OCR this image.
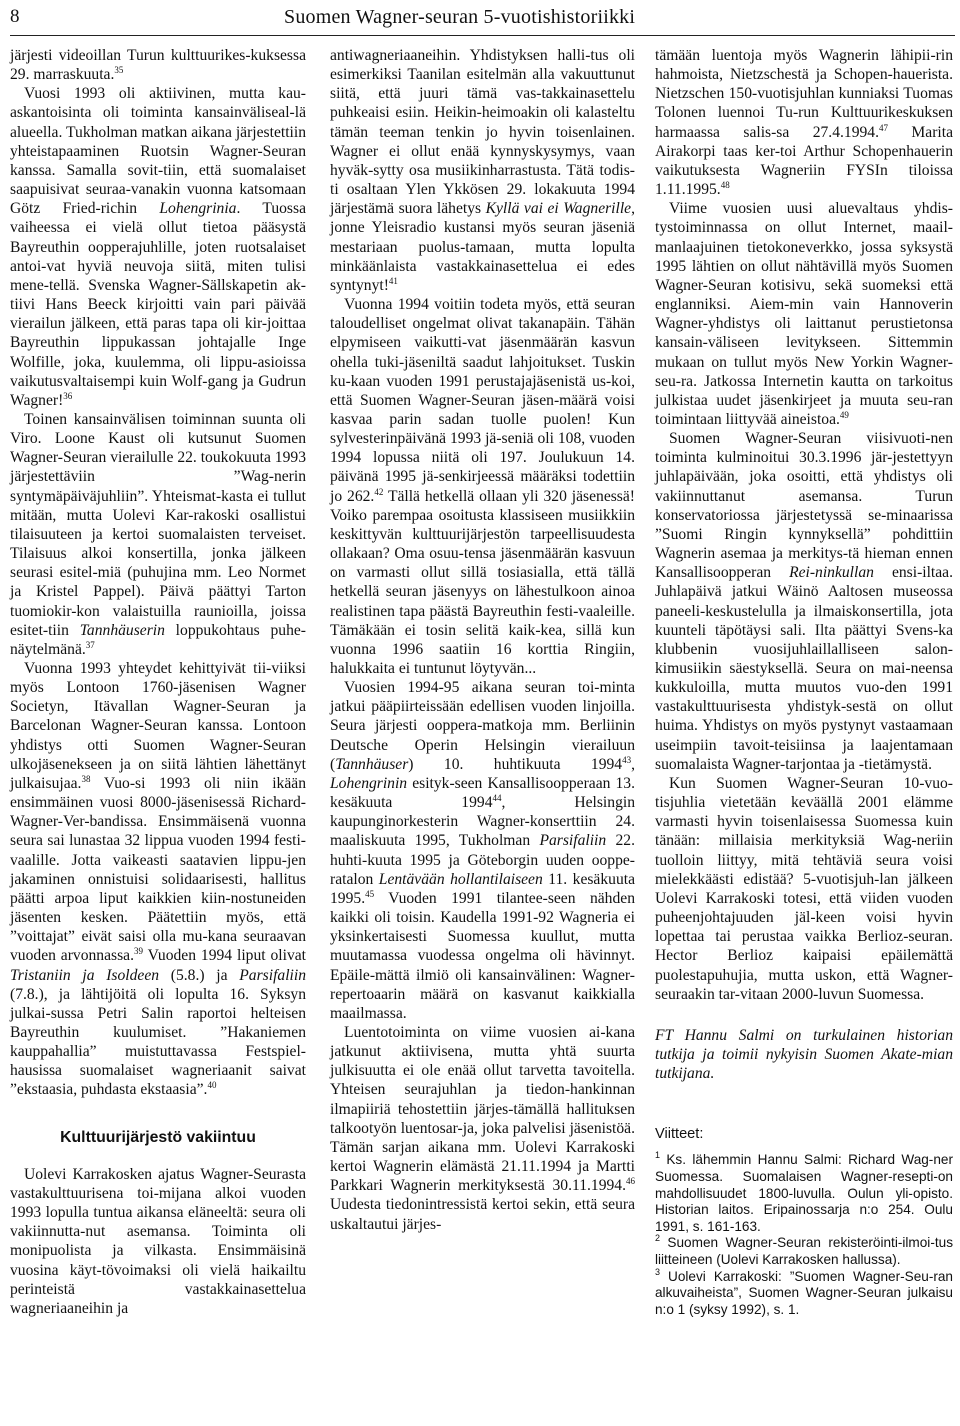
8	Suomen Wagner-seuran 5-vuotishistoriikki

järjesti videoillan Turun kulttuurikes-kuksessa 29. marraskuuta.$^{35}$

Vuosi 1993 oli aktiivinen, mutta kau-askantoisinta oli toiminta kansainväliseal-lä alueella. Tukholman matkan aikana järjestettiin yhteistapaaminen Ruotsin Wagner-Seuran kanssa. Samalla sovit-tiin, että suomalaiset saapuisivat seuraa-vanakin vuonna katsomaan Götz Fried-richin Lohengrinia. Tuossa vaiheessa ei vielä ollut tietoa pääsystä Bayreuthin oopperajuhlille, joten ruotsalaiset antoi-vat hyviä neuvoja siitä, miten tulisi mene-tellä. Svenska Wagner-Sällskapetin ak-tiivi Hans Beeck kirjoitti vain pari päivää vierailun jälkeen, että paras tapa oli kir-joittaa Bayreuthin lippukassan johtajalle Inge Wolfille, joka, kuulemma, oli lippu-asioissa vaikutusvaltaisempi kuin Wolf-gang ja Gudrun Wagner!$^{36}$

Toinen kansainvälisen toiminnan suunta oli Viro. Loone Kaust oli kutsunut Suomen Wagner-Seuran vierailulle 22. toukokuuta 1993 järjestettäviin ”Wag-nerin syntymäpäiväjuhliin”. Yhteismat-kasta ei tullut mitään, mutta Uolevi Kar-rakoski osallistui tilaisuuteen ja kertoi suomalaisten terveiset. Tilaisuus alkoi konsertilla, jonka jälkeen seurasi esitel-miä (puhujina mm. Leo Normet ja Kristel Pappel). Päivä päättyi Tarton tuomiokir-kon valaistuilla raunioilla, joissa esitet-tiin Tannhäuserin loppukohtaus puhe-näytelmänä.$^{37}$

Vuonna 1993 yhteydet kehittyivät tii-viiksi myös Lontoon 1760-jäsenisen Wagner Societyn, Itävallan Wagner-Seuran ja Barcelonan Wagner-Seuran kanssa. Lontoon yhdistys otti Suomen Wagner-Seuran ulkojäsenekseen ja on siitä lähtien lähettänyt julkaisujaa.$^{38}$ Vuo-si 1993 oli niin ikään ensimmäinen vuosi 8000-jäsenisessä Richard-Wagner-Ver-bandissa. Ensimmäisenä vuonna seura sai lunastaa 32 lippua vuoden 1994 festi-vaalille. Jotta vaikeasti saatavien lippu-jen jakaminen onnistuisi solidaarisesti, hallitus päätti arpoa liput kaikkien kiin-nostuneiden jäsenten kesken. Päätettiin myös, että ”voittajat” eivät saisi olla mu-kana seuraavan vuoden arvonnassa.$^{39}$ Vuoden 1994 liput olivat Tristaniin ja Isoldeen (5.8.) ja Parsifaliin (7.8.), ja lähtijöitä oli lopulta 16. Syksyn julkai-sussa Petri Salin raportoi helteisen Bayreuthin kuulumiset. ”Hakaniemen kauppahallia” muistuttavassa Festspiel-hausissa suomalaiset wagneriaanit saivat ”ekstaasia, puhdasta ekstaasia”.$^{40}$

Kulttuurijärjestö vakiintuu

Uolevi Karrakosken ajatus Wagner-Seurasta vastakulttuurisena toi-mijana alkoi vuoden 1993 lopulla tuntua aikansa eläneeltä: seura oli vakiinnutta-nut asemansa. Toiminta oli monipuolista ja vilkasta. Ensimmäisinä vuosina käyt-tövoimaksi oli vielä haikailtu perinteistä vastakkainasettelua wagneriaaneihin ja

antiwagneriaaneihin. Yhdistyksen halli-tus oli esimerkiksi Taanilan esitelmän alla vakuuttunut siitä, että juuri tämä vas-takkainasettelu puhkeaisi esiin. Heikin-heimoakin oli kalasteltu tämän teeman tenkin jo hyvin toisenlainen. Wagner ei ollut enää kynnyskysymys, vaan hyväk-sytty osa musiikinharrastusta. Tätä todis-ti osaltaan Ylen Ykkösen 29. lokakuuta 1994 järjestämä suora lähetys Kyllä vai ei Wagnerille, jonne Yleisradio kustansi myös seuran jäseniä mestariaan puolus-tamaan, mutta lopulta minkäänlaista vastakkainasettelua ei edes syntynyt!$^{41}$

Vuonna 1994 voitiin todeta myös, että seuran taloudelliset ongelmat olivat takanapäin. Tähän elpymiseen vaikutti-vat jäsenmäärän kasvun ohella tuki-jäseniltä saadut lahjoitukset. Tuskin ku-kaan vuoden 1991 perustajajäsenistä us-koi, että Suomen Wagner-Seuran jäsen-määrä voisi kasvaa parin sadan tuolle puolen! Kun sylvesterinpäivänä 1993 jä-seniä oli 108, vuoden 1994 lopussa niitä oli 197. Joulukuun 14. päivänä 1995 jä-senkirjeessä määräksi todettiin jo 262.42 Tällä hetkellä ollaan yli 320 jäsenessä! Voiko parempaa osoitusta klassiseen musiikkiin keskittyvän kulttuurijärjestön tarpeellisuudesta ollakaan? Oma osuu-tensa jäsenmäärän kasvuun on varmasti ollut sillä tosiasialla, että tällä hetkellä seuran jäsenyys on lähestulkoon ainoa realistinen tapa päästä Bayreuthin festi-vaaleille. Tämäkään ei tosin selitä kaik-kea, sillä kun vuonna 1996 saatiin 16 korttia Ringiin, halukkaita ei tuntunut löytyvän...

Vuosien 1994-95 aikana seuran toi-minta jatkui pääpiirteissään edellisen vuoden linjoilla. Seura järjesti ooppera-matkoja mm. Berliinin Deutsche Operin Helsingin vierailuun (Tannhäuser) 10. huhtikuuta 1994$^{43}$, Lohengrinin esityk-seen Kansallisoopperaan 13. kesäkuuta 1994$^{44}$, Helsingin kaupunginorkesterin Wagner-konserttiin 24. maaliskuuta 1995, Tukholman Parsifaliin 22. huhti-kuuta 1995 ja Göteborgin uuden ooppe-ratalon Lentävään hollantilaiseen 11. kesäkuuta 1995.45 Vuoden 1991 tilantee-seen nähden kaikki oli toisin. Kaudella 1991-92 Wagneria ei yksinkertaisesti Suomessa kuullut, mutta muutamassa vuodessa ongelma oli hävinnyt. Epäile-mättä ilmiö oli kansainvälinen: Wagner-repertoaarin määrä on kasvanut kaikkialla maailmassa.

Luentotoiminta on viime vuosien ai-kana jatkunut aktiivisena, mutta yhtä suurta julkisuutta ei ole enää ollut tarvetta tavoitella. Yhteisen seurajuhlan ja tiedon-hankinnan ilmapiiriä tehostettiin järjes-tämällä hallituksen talkootyön luentosar-ja, joka palvelisi jäsenistöä. Tämän sarjan aikana mm. Uolevi Karrakoski kertoi Wagnerin elämästä 21.11.1994 ja Martti Parkkari Wagnerin merkityksestä 30.11.1994.46 Uudesta tiedonintressistä kertoi sekin, että seura uskaltautui järjes-

tämään luentoja myös Wagnerin lähipii-rin hahmoista, Nietzschestä ja Schopen-hauerista. Nietzschen 150-vuotisjuhlan kunniaksi Tuomas Tolonen luennoi Tu-run Kulttuurikeskuksen harmaassa salis-sa 27.4.1994.47 Marita Airakorpi taas ker-toi Arthur Schopenhauerin vaikutuksesta Wagneriin FYSIn tiloissa 1.11.1995.48

Viime vuosien uusi aluevaltaus yhdis-tystoiminnassa on ollut Internet, maail-manlaajuinen tietokoneverkko, jossa syksystä 1995 lähtien on ollut nähtävillä myös Suomen Wagner-Seuran kotisivu, sekä suomeksi että englanniksi. Aiem-min vain Hannoverin Wagner-yhdistys oli laittanut perustietonsa kansain-väliseen levitykseen. Sittemmin mukaan on tullut myös New Yorkin Wagner-seu-ra. Jatkossa Internetin kautta on tarkoitus julkistaa uudet jäsenkirjeet ja muuta seu-ran toimintaan liittyvää aineistoa.$^{49}$

Suomen Wagner-Seuran viisivuoti-nen toiminta kulminoitui 30.3.1996 jär-jestettyyn juhlapäivään, joka osoitti, että yhdistys oli vakiinnuttanut asemansa. Turun konservatoriossa järjestetyssä se-minaarissa ”Suomi Ringin kynnyksellä” pohdittiin Wagnerin asemaa ja merkitys-tä hieman ennen Kansallisoopperan Rei-ninkullan ensi-iltaa. Juhlapäivä jatkui Wäinö Aaltosen museossa paneeli-keskustelulla ja ilmaiskonsertilla, jota kuunteli täpötäysi sali. Ilta päättyi Svens-ka klubbenin vuosijuhlaillalliseen salon-kimusiikin säestyksellä. Seura on mai-neensa kukkuloilla, mutta muutos vuo-den 1991 vastakulttuurisesta yhdistyk-sestä on ollut huima. Yhdistys on myös pystynyt vastaamaan useimpiin tavoit-teisiinsa ja laajentamaan suomalaista Wagner-tarjontaa ja -tietämystä.

Kun Suomen Wagner-Seuran 10-vuo-tisjuhlia vietetään keväällä 2001 elämme varmasti hyvin toisenlaisessa Suomessa kuin tänään: millaisia merkityksiä Wag-neriin tuolloin liittyy, mitä tehtäviä seura voisi mielekkäästi edistää? 5-vuotisjuh-lan jälkeen Uolevi Karrakoski totesi, että viiden vuoden puheenjohtajuuden jäl-keen voisi hyvin lopettaa tai perustaa vaikka Berlioz-seuran. Hector Berlioz kaipaisi epäilemättä puolestapuhujia, mutta uskon, että Wagner-seuraakin tar-vitaan 2000-luvun Suomessa.

FT Hannu Salmi on turkulainen historian tutkija ja toimii nykyisin Suomen Akate-mian tutkijana.

Viitteet:

$^1$ Ks. lähemmin Hannu Salmi: Richard Wag-ner Suomessa. Suomalaisen Wagner-resepti-on mahdollisuudet 1800-luvulla. Oulun yli-opisto. Historian laitos. Eripainossarja n:o 254. Oulu 1991, s. 161-163.

$^2$ Suomen Wagner-Seuran rekisteröinti-ilmoi-tus liitteineen (Uolevi Karrakosken hallussa).

$^3$ Uolevi Karrakoski: ”Suomen Wagner-Seu-ran alkuvaiheista”, Suomen Wagner-Seuran julkaisu n:o 1 (syksy 1992), s. 1.
